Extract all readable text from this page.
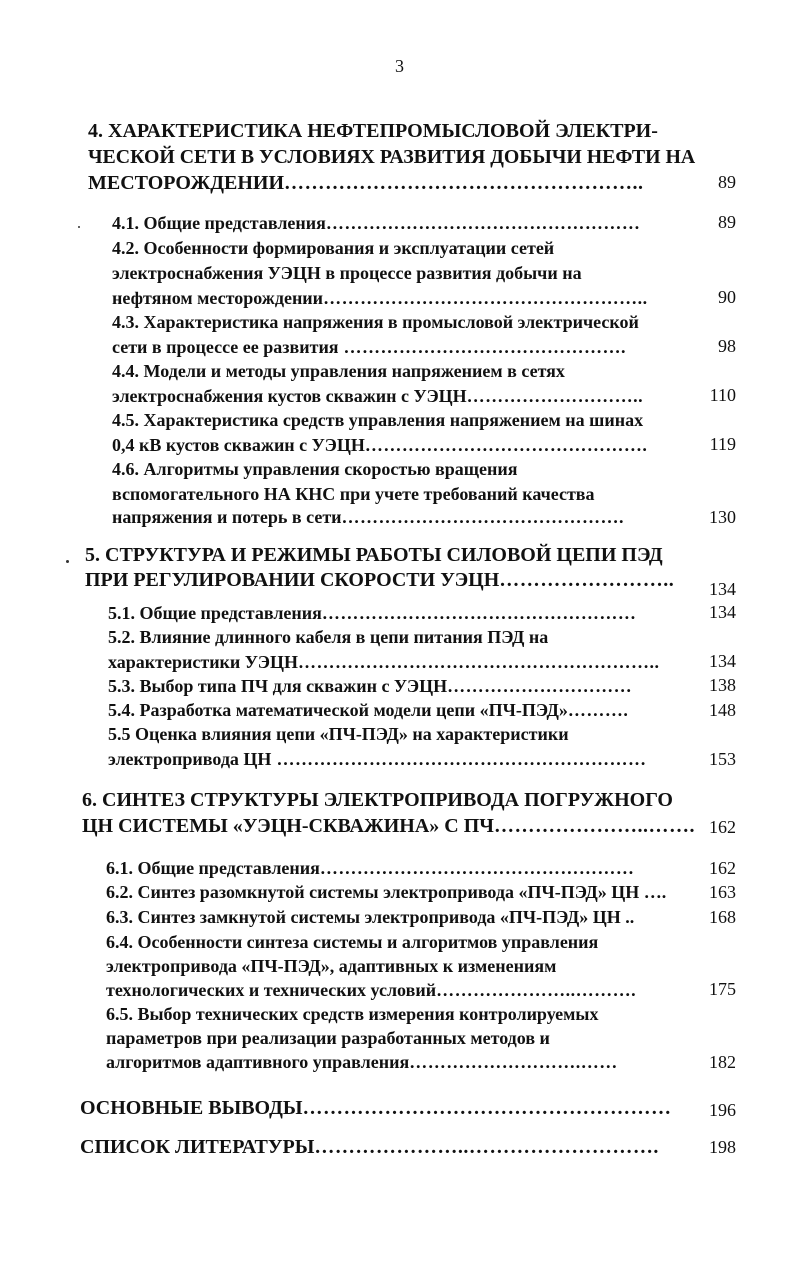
3
4. ХАРАКТЕРИСТИКА НЕФТЕПРОМЫСЛОВОЙ ЭЛЕКТРИ-
ЧЕСКОЙ СЕТИ В УСЛОВИЯХ РАЗВИТИЯ ДОБЫЧИ НЕФТИ НА
МЕСТОРОЖДЕНИИ……………………………………………..	89
4.1. Общие представления……………………………………………	89
4.2. Особенности формирования и эксплуатации сетей
электроснабжения УЭЦН в процессе развития добычи на
нефтяном месторождении……………………………………………..	90
4.3. Характеристика напряжения в промысловой электрической
сети в процессе ее развития ……………………………………….	98
4.4. Модели и методы управления напряжением в сетях
электроснабжения кустов скважин с УЭЦН………………………..	110
4.5. Характеристика средств управления напряжением на шинах
0,4 кВ кустов скважин с УЭЦН……………………………………….	119
4.6. Алгоритмы управления скоростью вращения
вспомогательного НА КНС при учете требований качества
напряжения и потерь в сети……………………………………….	130
5. СТРУКТУРА И РЕЖИМЫ РАБОТЫ СИЛОВОЙ ЦЕПИ ПЭД
ПРИ РЕГУЛИРОВАНИИ СКОРОСТИ УЭЦН…………………….. 134
5.1. Общие представления……………………………………………	134
5.2. Влияние длинного кабеля в цепи питания ПЭД на
характеристики УЭЦН…………………………………………………..	134
5.3. Выбор типа ПЧ для скважин с УЭЦН…………………………	138
5.4. Разработка математической модели цепи «ПЧ-ПЭД»……….	148
5.5 Оценка влияния цепи «ПЧ-ПЭД» на характеристики
электропривода ЦН ……………………………………………………	153
6. СИНТЕЗ СТРУКТУРЫ ЭЛЕКТРОПРИВОДА ПОГРУЖНОГО
ЦН СИСТЕМЫ «УЭЦН-СКВАЖИНА» С ПЧ…………………..……. 162
6.1. Общие представления……………………………………………	162
6.2. Синтез разомкнутой системы электропривода «ПЧ-ПЭД» ЦН …. 163
6.3. Синтез замкнутой системы электропривода «ПЧ-ПЭД» ЦН ..	168
6.4. Особенности синтеза системы и алгоритмов управления
электропривода «ПЧ-ПЭД», адаптивных к изменениям
технологических и технических условий…………………..……….	175
6.5. Выбор технических средств измерения контролируемых
параметров при реализации разработанных методов и
алгоритмов адаптивного управления……………………….……	182
ОСНОВНЫЕ ВЫВОДЫ……………………………………………… 196
СПИСОК ЛИТЕРАТУРЫ…………………..……………………….	198
